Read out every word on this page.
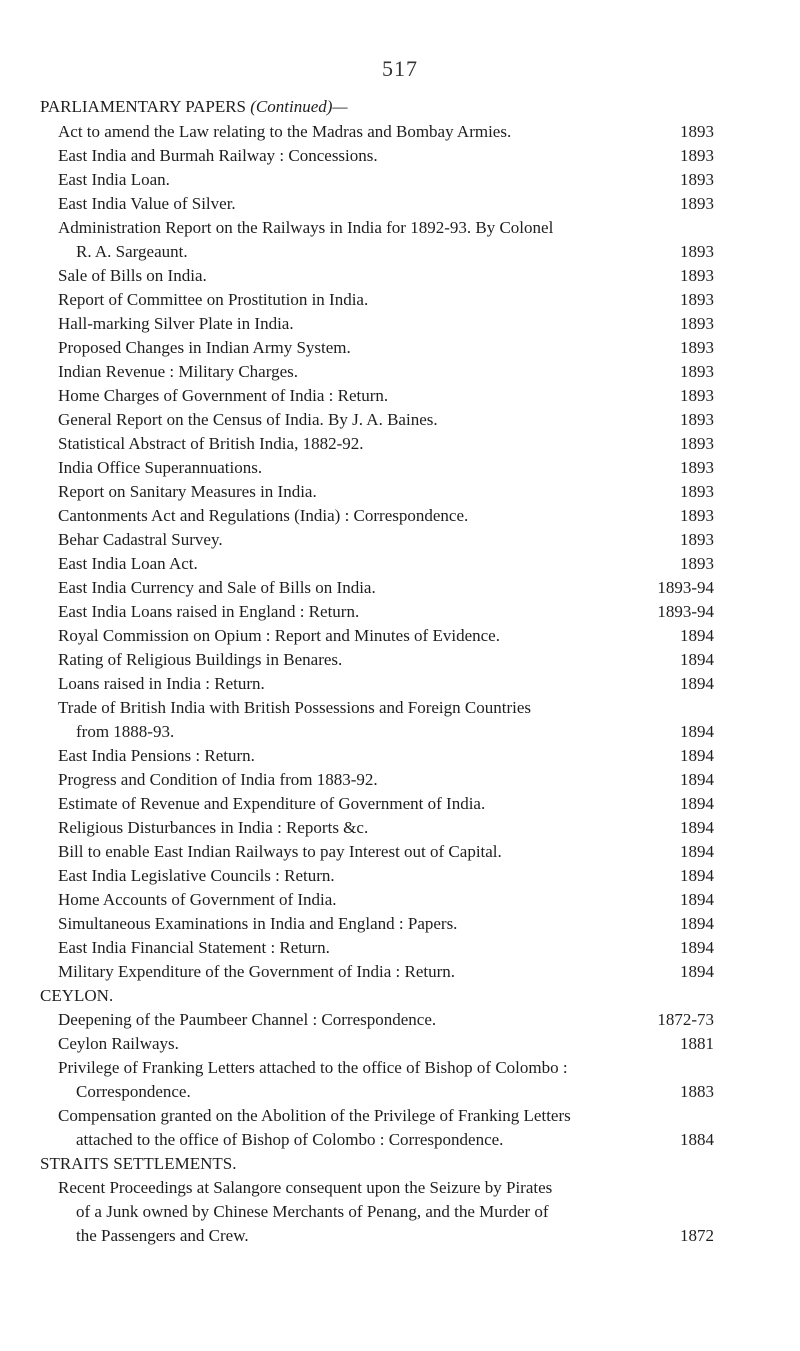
517
PARLIAMENTARY PAPERS (Continued)—
Act to amend the Law relating to the Madras and Bombay Armies.	1893
East India and Burmah Railway : Concessions.	1893
East India Loan.	1893
East India Value of Silver.	1893
Administration Report on the Railways in India for 1892-93. By Colonel
R. A. Sargeaunt.	1893
Sale of Bills on India.	1893
Report of Committee on Prostitution in India.	1893
Hall-marking Silver Plate in India.	1893
Proposed Changes in Indian Army System.	1893
Indian Revenue : Military Charges.	1893
Home Charges of Government of India : Return.	1893
General Report on the Census of India. By J. A. Baines.	1893
Statistical Abstract of British India, 1882-92.	1893
India Office Superannuations.	1893
Report on Sanitary Measures in India.	1893
Cantonments Act and Regulations (India) : Correspondence.	1893
Behar Cadastral Survey.	1893
East India Loan Act.	1893
East India Currency and Sale of Bills on India.	1893-94
East India Loans raised in England : Return.	1893-94
Royal Commission on Opium : Report and Minutes of Evidence.	1894
Rating of Religious Buildings in Benares.	1894
Loans raised in India : Return.	1894
Trade of British India with British Possessions and Foreign Countries
from 1888-93.	1894
East India Pensions : Return.	1894
Progress and Condition of India from 1883-92.	1894
Estimate of Revenue and Expenditure of Government of India.	1894
Religious Disturbances in India : Reports &c.	1894
Bill to enable East Indian Railways to pay Interest out of Capital.	1894
East India Legislative Councils : Return.	1894
Home Accounts of Government of India.	1894
Simultaneous Examinations in India and England : Papers.	1894
East India Financial Statement : Return.	1894
Military Expenditure of the Government of India : Return.	1894
CEYLON.
Deepening of the Paumbeer Channel : Correspondence.	1872-73
Ceylon Railways.	1881
Privilege of Franking Letters attached to the office of Bishop of Colombo :
Correspondence.	1883
Compensation granted on the Abolition of the Privilege of Franking Letters
attached to the office of Bishop of Colombo : Correspondence.	1884
STRAITS SETTLEMENTS.
Recent Proceedings at Salangore consequent upon the Seizure by Pirates
of a Junk owned by Chinese Merchants of Penang, and the Murder of
the Passengers and Crew.	1872
